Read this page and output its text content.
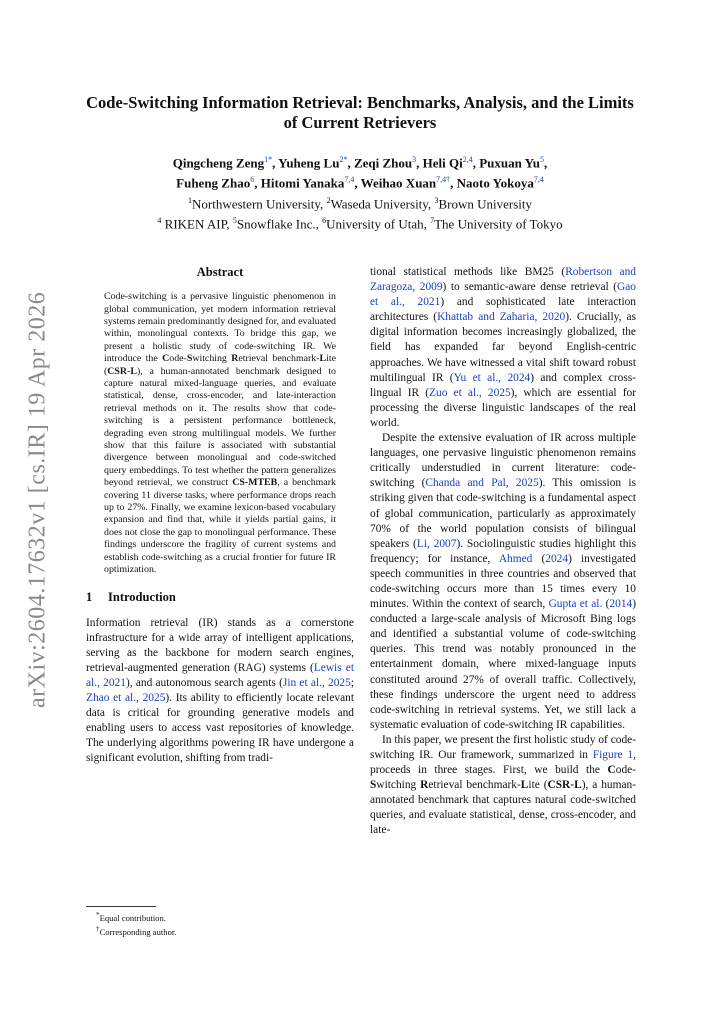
arXiv:2604.17632v1 [cs.IR] 19 Apr 2026
Code-Switching Information Retrieval: Benchmarks, Analysis, and the Limits of Current Retrievers
Qingcheng Zeng$^{1*}$, Yuheng $Lu^{2*}$, Zeqi Zhou$^3$, Heli Qi$^{2,4}$, Puxuan Yu$^5$,
Fuheng Zhao$^6$, Hitomi Yanaka$^{7,4}$, Weihao Xuan$^{7,4\dagger}$, Naoto Yokoya$^{7,4}$
$^1$Northwestern University, $^2$Waseda University, $^3$Brown University
$^4$ RIKEN AIP, $^5$Snowflake Inc., $^6$University of Utah, $^7$The University of Tokyo
Abstract

Code-switching is a pervasive linguistic phenomenon in global communication, yet modern information retrieval systems remain predominantly designed for, and evaluated within, monolingual contexts. To bridge this gap, we present a holistic study of code-switching IR. We introduce the Code-Switching Retrieval benchmark-Lite (CSR-L), a human-annotated benchmark designed to capture natural mixed-language queries, and evaluate statistical, dense, cross-encoder, and late-interaction retrieval methods on it. The results show that code-switching is a persistent performance bottleneck, degrading even strong multilingual models. We further show that this failure is associated with substantial divergence between monolingual and code-switched query embeddings. To test whether the pattern generalizes beyond retrieval, we construct CS-MTEB, a benchmark covering 11 diverse tasks, where performance drops reach up to 27%. Finally, we examine lexicon-based vocabulary expansion and find that, while it yields partial gains, it does not close the gap to monolingual performance. These findings underscore the fragility of current systems and establish code-switching as a crucial frontier for future IR optimization.

1 Introduction

Information retrieval (IR) stands as a cornerstone infrastructure for a wide array of intelligent applications, serving as the backbone for modern search engines, retrieval-augmented generation (RAG) systems (Lewis et al., 2021), and autonomous search agents (Jin et al., 2025; Zhao et al., 2025). Its ability to efficiently locate relevant data is critical for grounding generative models and enabling users to access vast repositories of knowledge. The underlying algorithms powering IR have undergone a significant evolution, shifting from tradi-

tional statistical methods like BM25 (Robertson and Zaragoza, 2009) to semantic-aware dense retrieval (Gao et al., 2021) and sophisticated late interaction architectures (Khattab and Zaharia, 2020). Crucially, as digital information becomes increasingly globalized, the field has expanded far beyond English-centric approaches. We have witnessed a vital shift toward robust multilingual IR (Yu et al., 2024) and complex cross-lingual IR (Zuo et al., 2025), which are essential for processing the diverse linguistic landscapes of the real world.

Despite the extensive evaluation of IR across multiple languages, one pervasive linguistic phenomenon remains critically understudied in current literature: code-switching (Chanda and Pal, 2025). This omission is striking given that code-switching is a fundamental aspect of global communication, particularly as approximately 70% of the world population consists of bilingual speakers (Li, 2007). Sociolinguistic studies highlight this frequency; for instance, Ahmed (2024) investigated speech communities in three countries and observed that code-switching occurs more than 15 times every 10 minutes. Within the context of search, Gupta et al. (2014) conducted a large-scale analysis of Microsoft Bing logs and identified a substantial volume of code-switching queries. This trend was notably pronounced in the entertainment domain, where mixed-language inputs constituted around 27% of overall traffic. Collectively, these findings underscore the urgent need to address code-switching in retrieval systems. Yet, we still lack a systematic evaluation of code-switching IR capabilities.

In this paper, we present the first holistic study of code-switching IR. Our framework, summarized in Figure 1, proceeds in three stages. First, we build the Code-Switching Retrieval benchmark-Lite (CSR-L), a human-annotated benchmark that captures natural code-switched queries, and evaluate statistical, dense, cross-encoder, and late-

*Equal contribution.
†Corresponding author.
